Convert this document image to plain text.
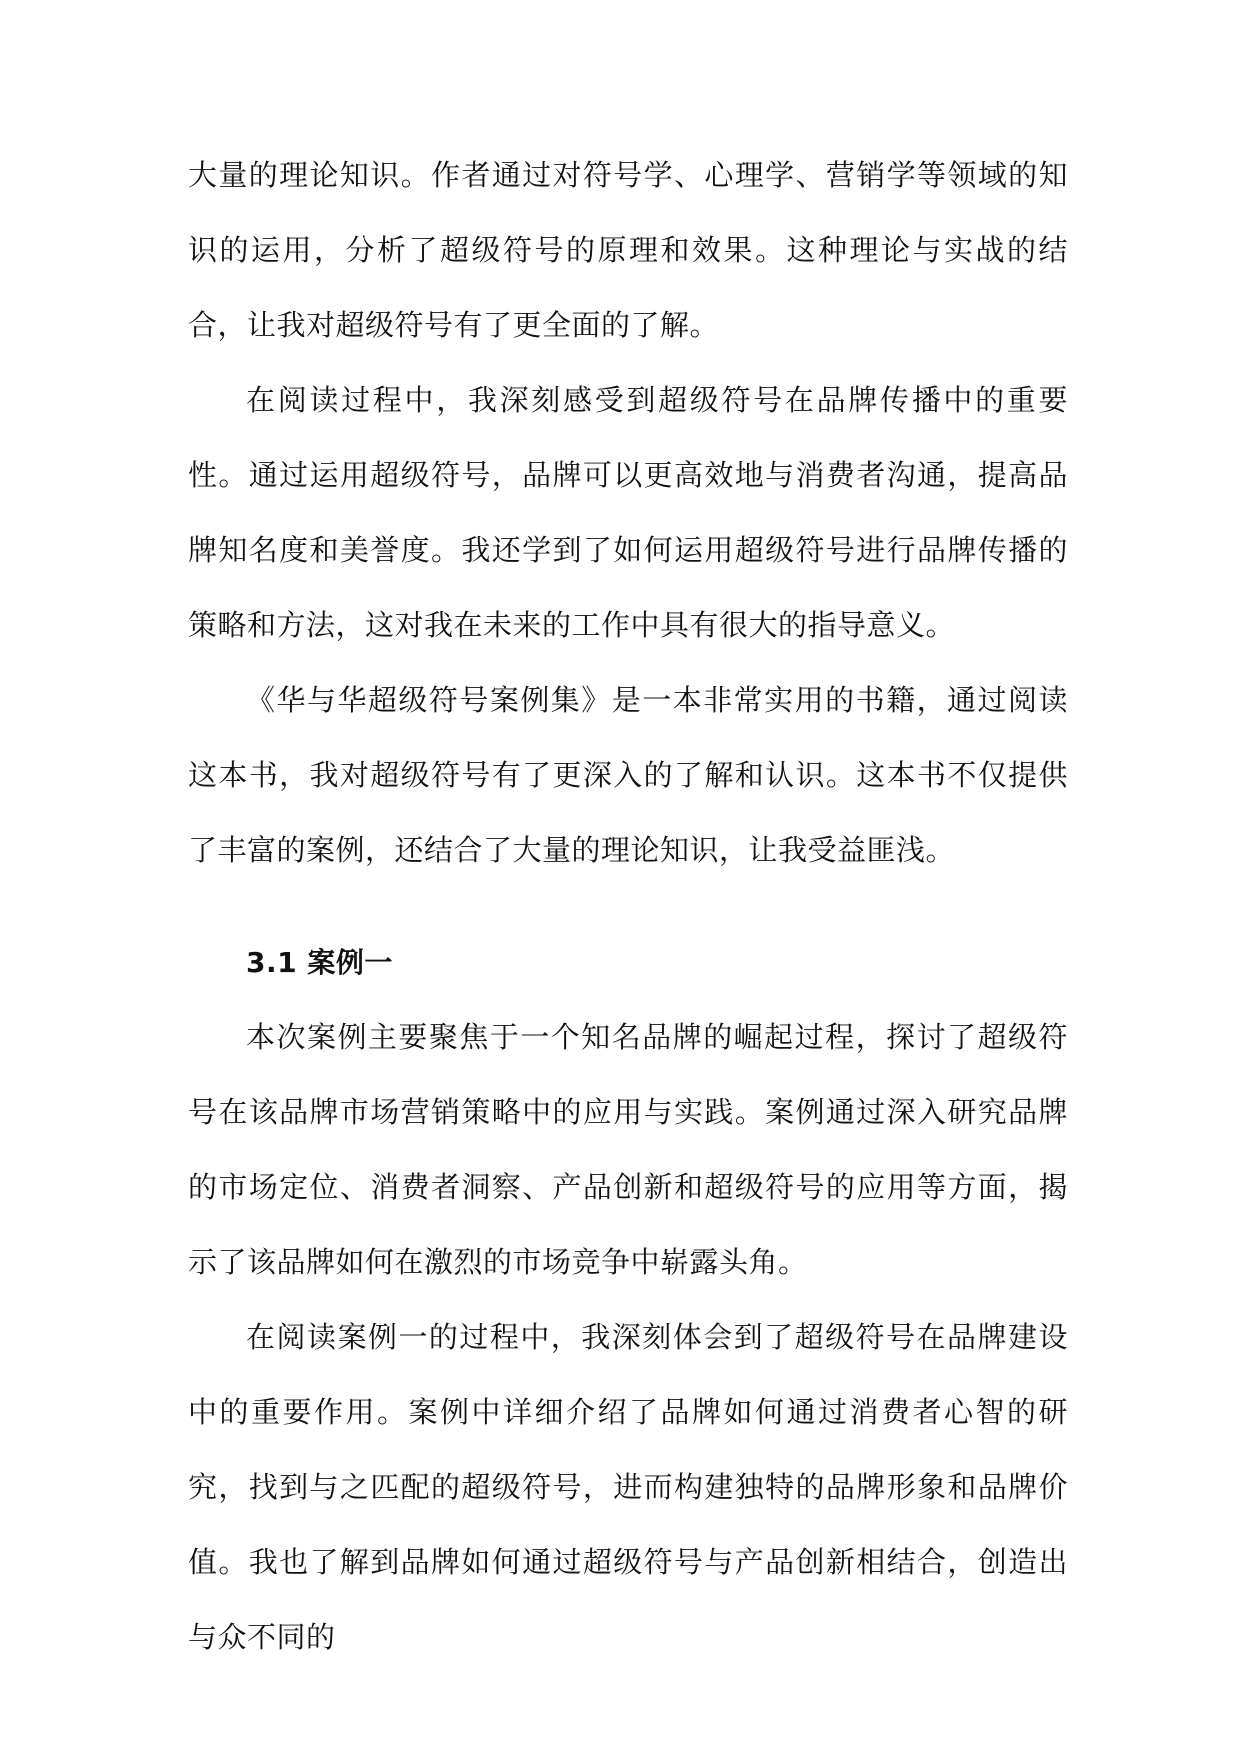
大量的理论知识。作者通过对符号学、心理学、营销学等领域的知识的运用，分析了超级符号的原理和效果。这种理论与实战的结合，让我对超级符号有了更全面的了解。

在阅读过程中，我深刻感受到超级符号在品牌传播中的重要性。通过运用超级符号，品牌可以更高效地与消费者沟通，提高品牌知名度和美誉度。我还学到了如何运用超级符号进行品牌传播的策略和方法，这对我在未来的工作中具有很大的指导意义。

《华与华超级符号案例集》是一本非常实用的书籍，通过阅读这本书，我对超级符号有了更深入的了解和认识。这本书不仅提供了丰富的案例，还结合了大量的理论知识，让我受益匪浅。

3.1 案例一

本次案例主要聚焦于一个知名品牌的崛起过程，探讨了超级符号在该品牌市场营销策略中的应用与实践。案例通过深入研究品牌的市场定位、消费者洞察、产品创新和超级符号的应用等方面，揭示了该品牌如何在激烈的市场竞争中崭露头角。

在阅读案例一的过程中，我深刻体会到了超级符号在品牌建设中的重要作用。案例中详细介绍了品牌如何通过消费者心智的研究，找到与之匹配的超级符号，进而构建独特的品牌形象和品牌价值。我也了解到品牌如何通过超级符号与产品创新相结合，创造出与众不同的
